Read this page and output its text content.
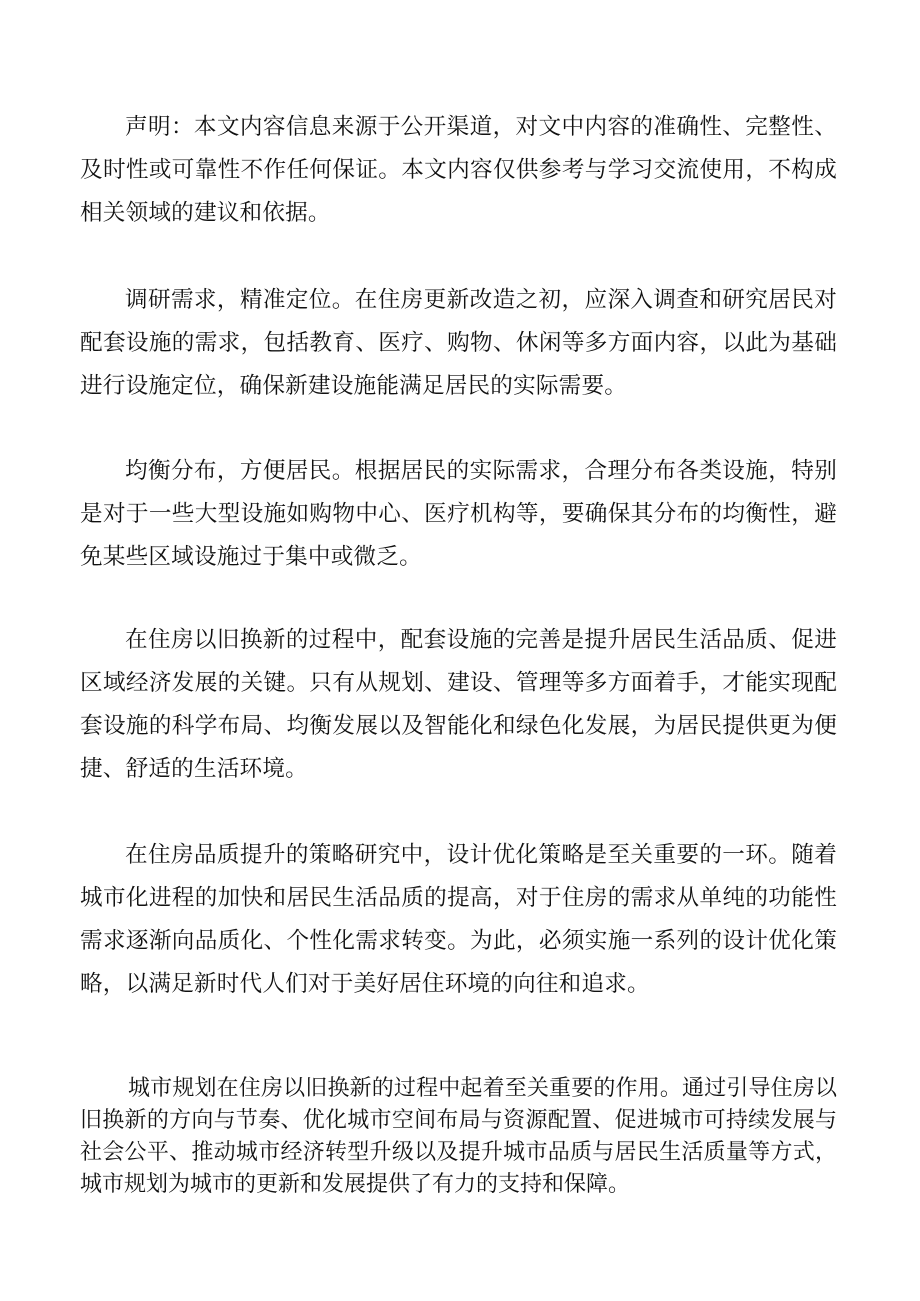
声明：本文内容信息来源于公开渠道，对文中内容的准确性、完整性、及时性或可靠性不作任何保证。本文内容仅供参考与学习交流使用，不构成相关领域的建议和依据。

调研需求，精准定位。在住房更新改造之初，应深入调查和研究居民对配套设施的需求，包括教育、医疗、购物、休闲等多方面内容，以此为基础进行设施定位，确保新建设施能满足居民的实际需要。

均衡分布，方便居民。根据居民的实际需求，合理分布各类设施，特别是对于一些大型设施如购物中心、医疗机构等，要确保其分布的均衡性，避免某些区域设施过于集中或微乏。

在住房以旧换新的过程中，配套设施的完善是提升居民生活品质、促进区域经济发展的关键。只有从规划、建设、管理等多方面着手，才能实现配套设施的科学布局、均衡发展以及智能化和绿色化发展，为居民提供更为便捷、舒适的生活环境。

在住房品质提升的策略研究中，设计优化策略是至关重要的一环。随着城市化进程的加快和居民生活品质的提高，对于住房的需求从单纯的功能性需求逐渐向品质化、个性化需求转变。为此，必须实施一系列的设计优化策略，以满足新时代人们对于美好居住环境的向往和追求。

城市规划在住房以旧换新的过程中起着至关重要的作用。通过引导住房以旧换新的方向与节奏、优化城市空间布局与资源配置、促进城市可持续发展与社会公平、推动城市经济转型升级以及提升城市品质与居民生活质量等方式，城市规划为城市的更新和发展提供了有力的支持和保障。
